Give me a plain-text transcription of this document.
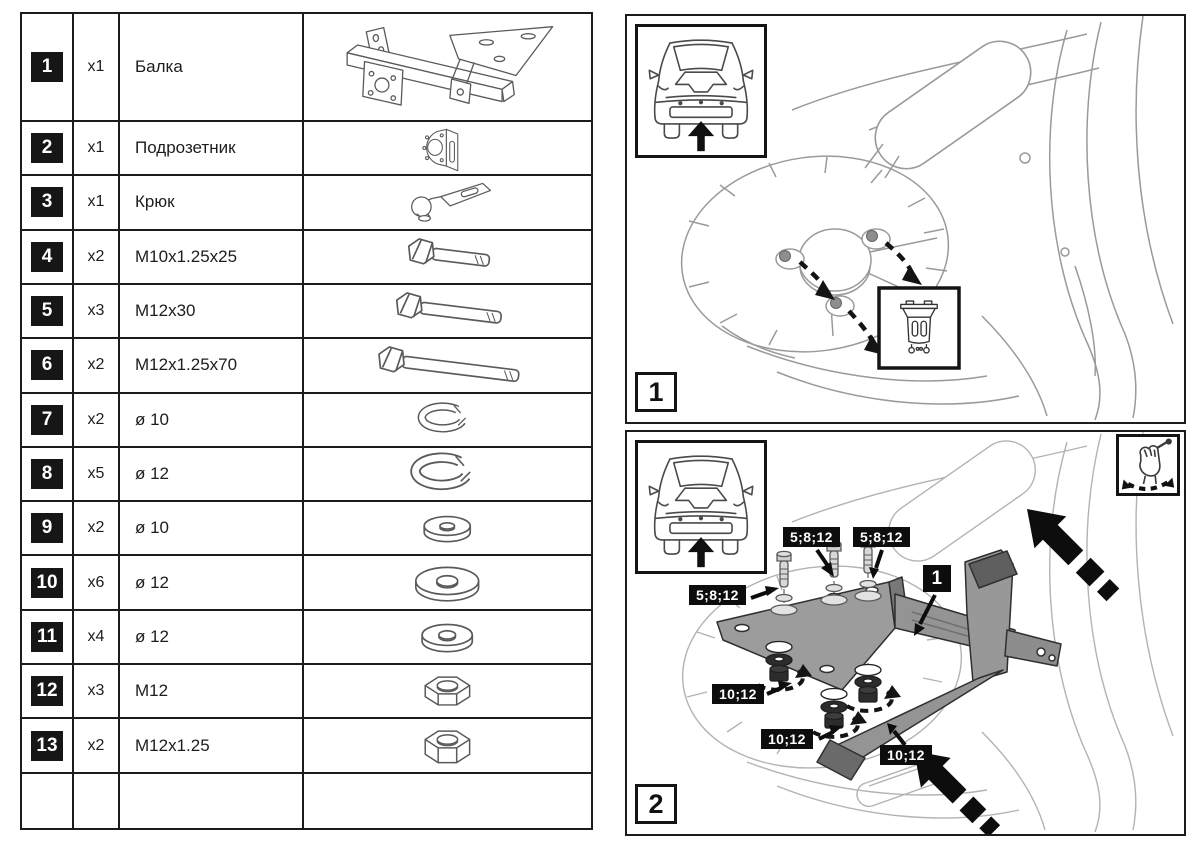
1	x1	Балка
2	x1	Подрозетник
3	x1	Крюк
4	x2	M10x1.25x25
5	x3	M12x30
6	x2	M12x1.25x70
7	x2	ø 10
8	x5	ø 12
9	x2	ø 10
10	x6	ø 12
11	x4	ø 12
12	x3	M12
13	x2	M12x1.25
1
5;8;12
5;8;12	5;8;12
1
10;12
10;12
10;12
2
